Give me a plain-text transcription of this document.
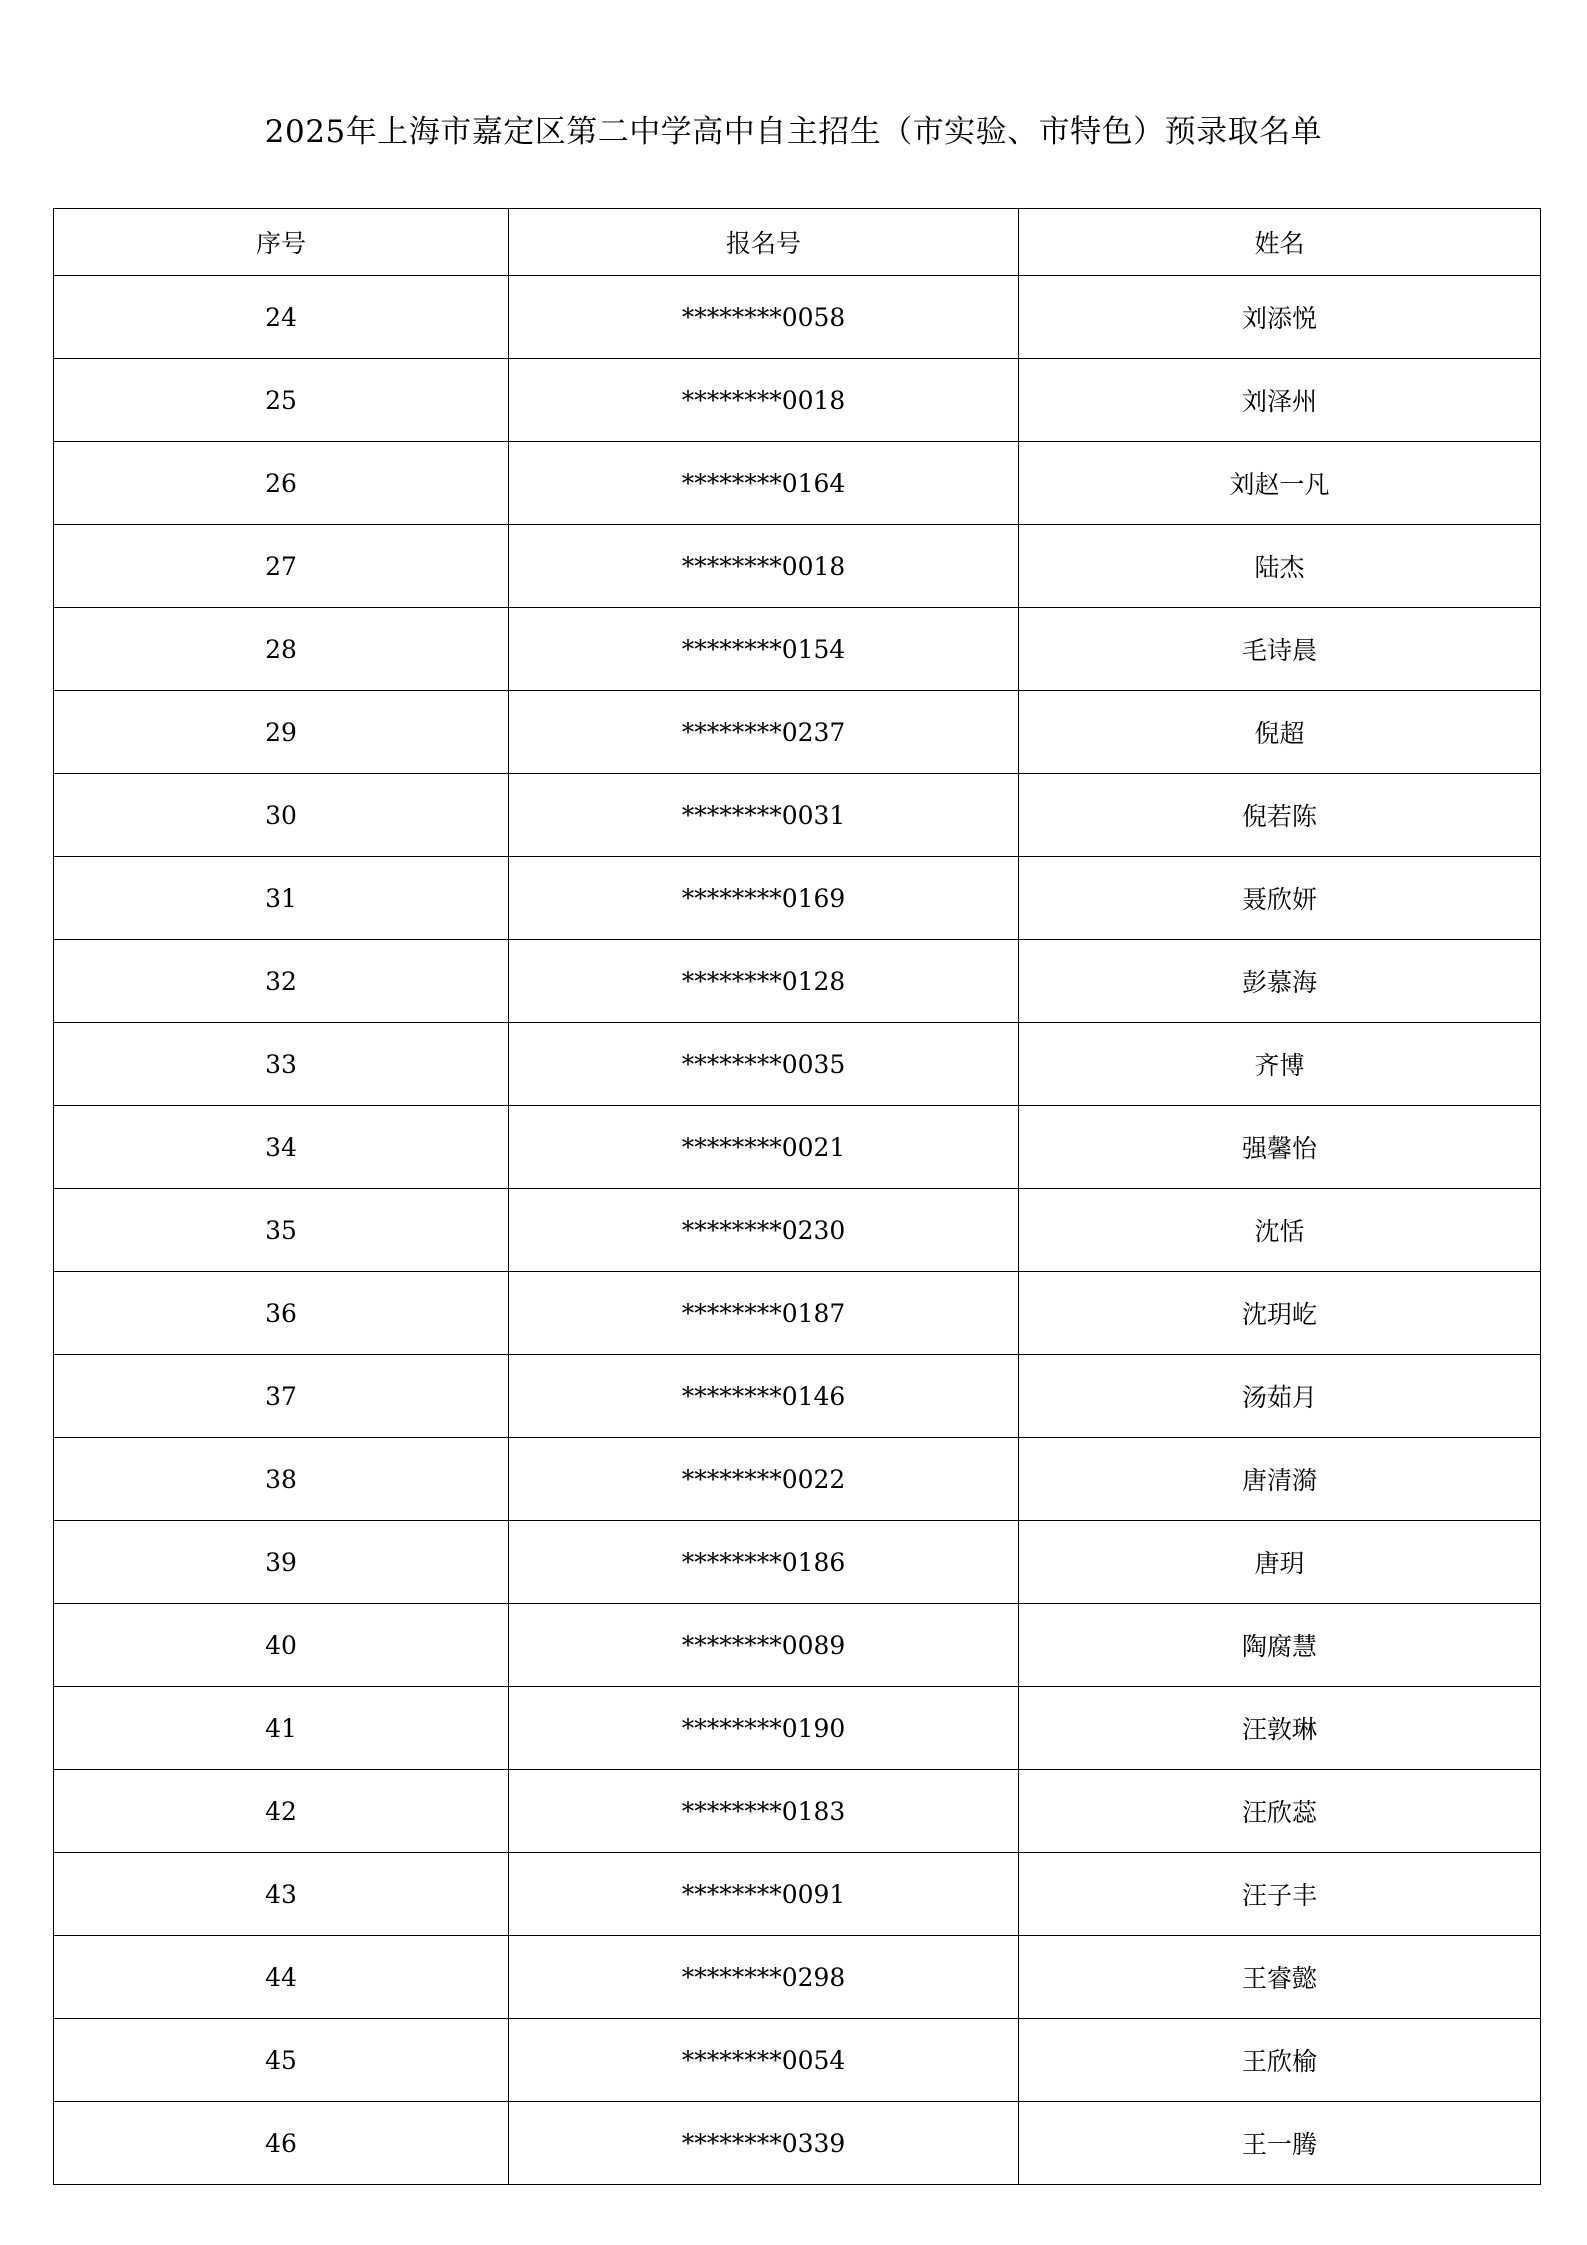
2025年上海市嘉定区第二中学高中自主招生（市实验、市特色）预录取名单
序号	报名号	姓名
24	********0058	刘添悦
25	********0018	刘泽州
26	********0164	刘赵一凡
27	********0018	陆杰
28	********0154	毛诗晨
29	********0237	倪超
30	********0031	倪若陈
31	********0169	聂欣妍
32	********0128	彭慕海
33	********0035	齐博
34	********0021	强馨怡
35	********0230	沈恬
36	********0187	沈玥屹
37	********0146	汤茹月
38	********0022	唐清漪
39	********0186	唐玥
40	********0089	陶腐慧
41	********0190	汪敦琳
42	********0183	汪欣蕊
43	********0091	汪子丰
44	********0298	王睿懿
45	********0054	王欣榆
46	********0339	王一腾
